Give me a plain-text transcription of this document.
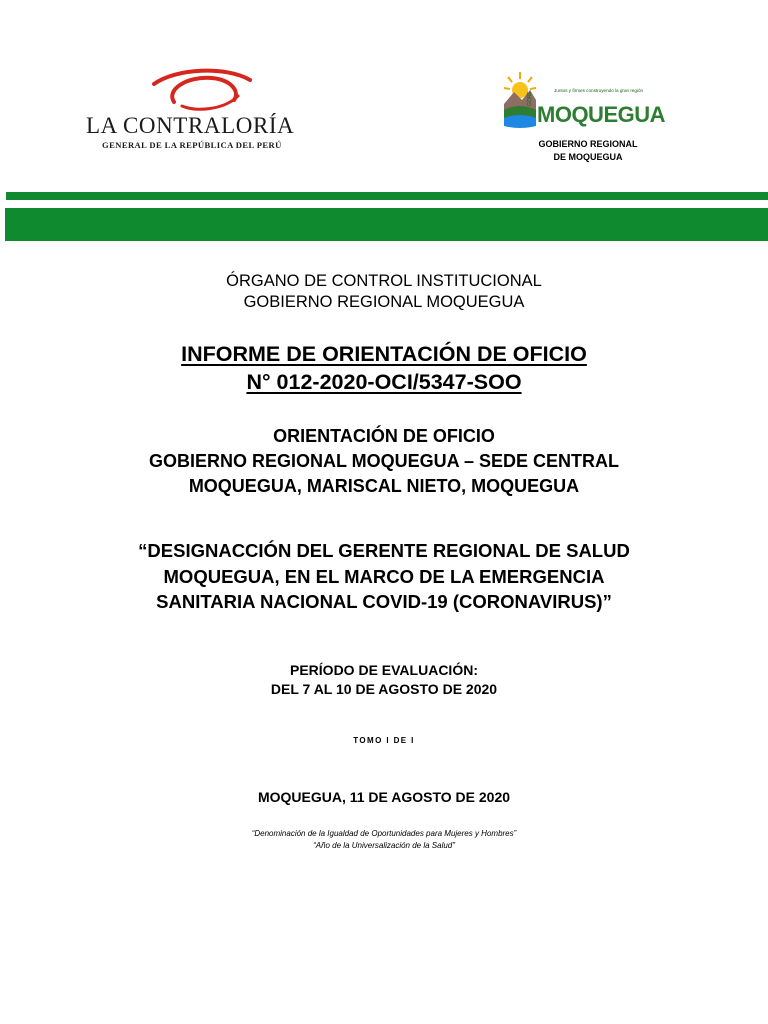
LA CONTRALORÍA
GENERAL DE LA REPÚBLICA DEL PERÚ
Juntos y firmes construyendo la gran región
GORE
MOQUEGUA
GOBIERNO REGIONAL
DE MOQUEGUA
ÓRGANO DE CONTROL INSTITUCIONAL
GOBIERNO REGIONAL MOQUEGUA
INFORME DE ORIENTACIÓN DE OFICIO
N° 012-2020-OCI/5347-SOO
ORIENTACIÓN DE OFICIO
GOBIERNO REGIONAL MOQUEGUA – SEDE CENTRAL
MOQUEGUA, MARISCAL NIETO, MOQUEGUA
“DESIGNACCIÓN DEL GERENTE REGIONAL DE SALUD
MOQUEGUA, EN EL MARCO DE LA EMERGENCIA
SANITARIA NACIONAL COVID-19 (CORONAVIRUS)”
PERÍODO DE EVALUACIÓN:
DEL 7 AL 10 DE AGOSTO DE 2020
TOMO I DE I
MOQUEGUA, 11 DE AGOSTO DE 2020
“Denominación de la Igualdad de Oportunidades para Mujeres y Hombres”
“Año de la Universalización de la Salud”
